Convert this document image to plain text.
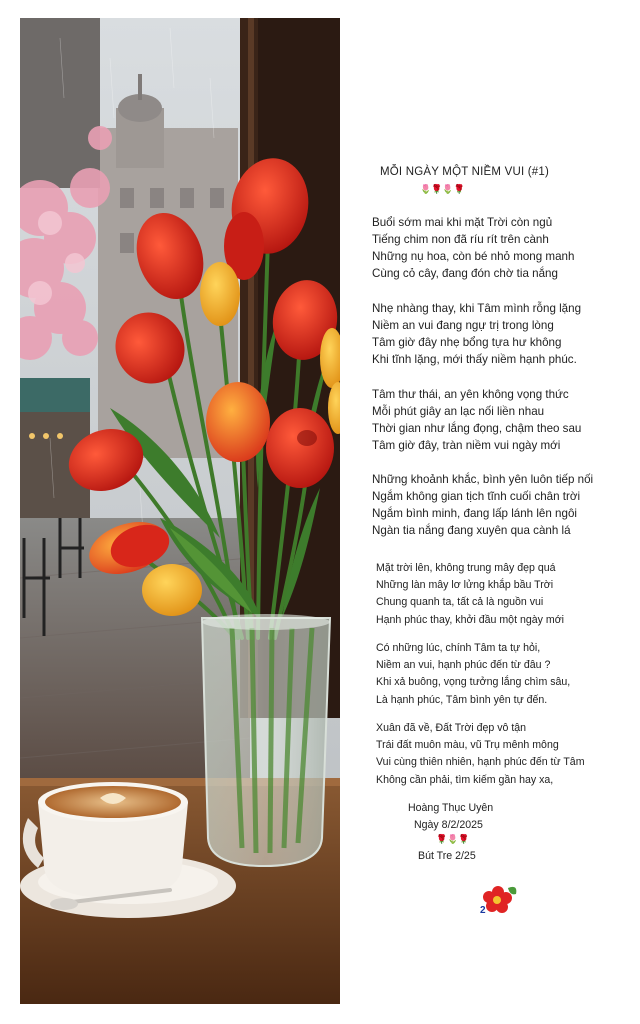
MỖI NGÀY MỘT NIỀM VUI (#1)
🌷🌹🌷🌹
Buổi sớm mai khi mặt Trời còn ngủ
Tiếng chim non đã ríu rít trên cành
Những nụ hoa, còn bé nhỏ mong manh
Cùng cỏ cây, đang đón chờ tia nắng
Nhẹ nhàng thay, khi Tâm mình rỗng lặng
Niềm an vui đang ngự trị trong lòng
Tâm giờ đây nhẹ bổng tựa hư không
Khi tĩnh lặng, mới thấy niềm hạnh phúc.
Tâm thư thái, an yên không vọng thức
Mỗi phút giây an lạc nối liền nhau
Thời gian như lắng đọng, chậm theo sau
Tâm giờ đây, tràn niềm vui ngày mới
Những khoảnh khắc, bình yên luôn tiếp nối
Ngắm không gian tịch tĩnh cuối chân trời
Ngắm bình minh, đang lấp lánh lên ngôi
Ngàn tia nắng đang xuyên qua cành lá
Mặt trời lên, không trung mây đẹp quá
Những làn mây lơ lửng khắp bầu Trời
Chung quanh ta, tất cả là nguồn vui
Hạnh phúc thay, khởi đầu một ngày mới
Có những lúc, chính Tâm ta tự hỏi,
Niềm an vui, hạnh phúc đến từ đâu ?
Khi xả buông, vọng tưởng lắng chìm sâu,
Là hạnh phúc, Tâm bình yên tự đến.
Xuân đã về, Đất Trời đẹp vô tận
Trái đất muôn màu, vũ Trụ mênh mông
Vui cùng thiên nhiên, hạnh phúc đến từ Tâm
Không cần phải, tìm kiếm gần hay xa,
Hoàng Thục Uyên
Ngày 8/2/2025
🌹🌷🌹
Bút Tre 2/25
2
